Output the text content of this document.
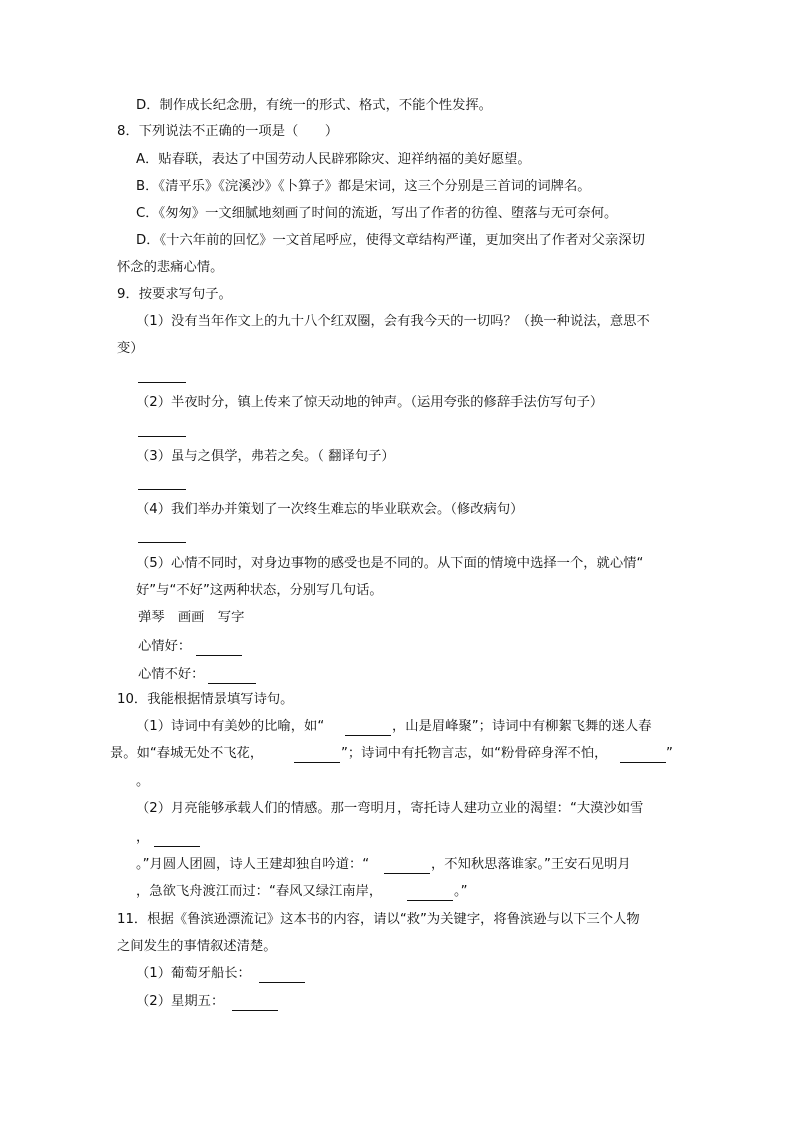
D．制作成长纪念册，有统一的形式、格式，不能个性发挥。
8．下列说法不正确的一项是（　　）
A．贴春联，表达了中国劳动人民辟邪除灾、迎祥纳福的美好愿望。
B．《清平乐》《浣溪沙》《卜算子》都是宋词，这三个分别是三首词的词牌名。
C．《匆匆》一文细腻地刻画了时间的流逝，写出了作者的彷徨、堕落与无可奈何。
D．《十六年前的回忆》一文首尾呼应，使得文章结构严谨，更加突出了作者对父亲深切
怀念的悲痛心情。
9．按要求写句子。
（1）没有当年作文上的九十八个红双圈，会有我今天的一切吗？（换一种说法，意思不
变）
（2）半夜时分，镇上传来了惊天动地的钟声。（运用夸张的修辞手法仿写句子）
（3）虽与之俱学，弗若之矣。（ 翻译句子）
（4）我们举办并策划了一次终生难忘的毕业联欢会。（修改病句）
（5）心情不同时，对身边事物的感受也是不同的。从下面的情境中选择一个，就心情“
好”与“不好”这两种状态，分别写几句话。
弹琴　画画　写字
心情好：
心情不好：
10．我能根据情景填写诗句。
（1）诗词中有美妙的比喻，如“	，山是眉峰聚”；诗词中有柳絮飞舞的迷人春
景。如“春城无处不飞花，	”；诗词中有托物言志，如“粉骨碎身浑不怕，	”
。
（2）月亮能够承载人们的情感。那一弯明月，寄托诗人建功立业的渴望：“大漠沙如雪
，
。”月圆人团圆，诗人王建却独自吟道：“	，不知秋思落谁家。”王安石见明月
，急欲飞舟渡江而过：“春风又绿江南岸，	。”
11．根据《鲁滨逊漂流记》这本书的内容，请以“救”为关键字，将鲁滨逊与以下三个人物
之间发生的事情叙述清楚。
（1）葡萄牙船长：
（2）星期五：
